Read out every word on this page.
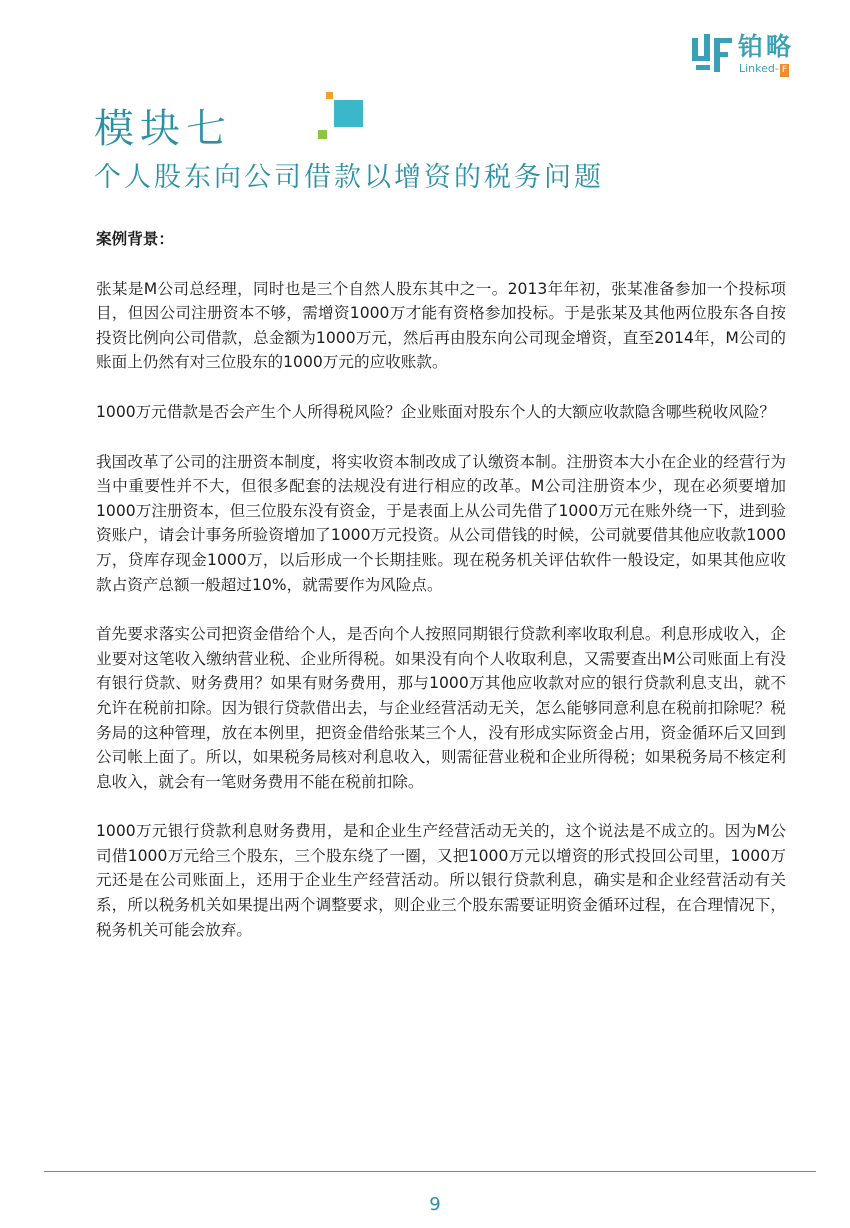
铂略
Linked- F
模块七
个人股东向公司借款以增资的税务问题
案例背景：

张某是M公司总经理，同时也是三个自然人股东其中之一。2013年年初，张某准备参加一个投标项目，但因公司注册资本不够，需增资1000万才能有资格参加投标。于是张某及其他两位股东各自按投资比例向公司借款，总金额为1000万元，然后再由股东向公司现金增资，直至2014年，M公司的账面上仍然有对三位股东的1000万元的应收账款。

1000万元借款是否会产生个人所得税风险？企业账面对股东个人的大额应收款隐含哪些税收风险？

我国改革了公司的注册资本制度，将实收资本制改成了认缴资本制。注册资本大小在企业的经营行为当中重要性并不大，但很多配套的法规没有进行相应的改革。M公司注册资本少，现在必须要增加1000万注册资本，但三位股东没有资金，于是表面上从公司先借了1000万元在账外绕一下，进到验资账户，请会计事务所验资增加了1000万元投资。从公司借钱的时候，公司就要借其他应收款1000万，贷库存现金1000万，以后形成一个长期挂账。现在税务机关评估软件一般设定，如果其他应收款占资产总额一般超过10%，就需要作为风险点。

首先要求落实公司把资金借给个人，是否向个人按照同期银行贷款利率收取利息。利息形成收入，企业要对这笔收入缴纳营业税、企业所得税。如果没有向个人收取利息，又需要查出M公司账面上有没有银行贷款、财务费用？如果有财务费用，那与1000万其他应收款对应的银行贷款利息支出，就不允许在税前扣除。因为银行贷款借出去，与企业经营活动无关，怎么能够同意利息在税前扣除呢？税务局的这种管理，放在本例里，把资金借给张某三个人，没有形成实际资金占用，资金循环后又回到公司帐上面了。所以，如果税务局核对利息收入，则需征营业税和企业所得税；如果税务局不核定利息收入，就会有一笔财务费用不能在税前扣除。

1000万元银行贷款利息财务费用，是和企业生产经营活动无关的，这个说法是不成立的。因为M公司借1000万元给三个股东，三个股东绕了一圈，又把1000万元以增资的形式投回公司里，1000万元还是在公司账面上，还用于企业生产经营活动。所以银行贷款利息，确实是和企业经营活动有关系，所以税务机关如果提出两个调整要求，则企业三个股东需要证明资金循环过程，在合理情况下，税务机关可能会放弃。

9
